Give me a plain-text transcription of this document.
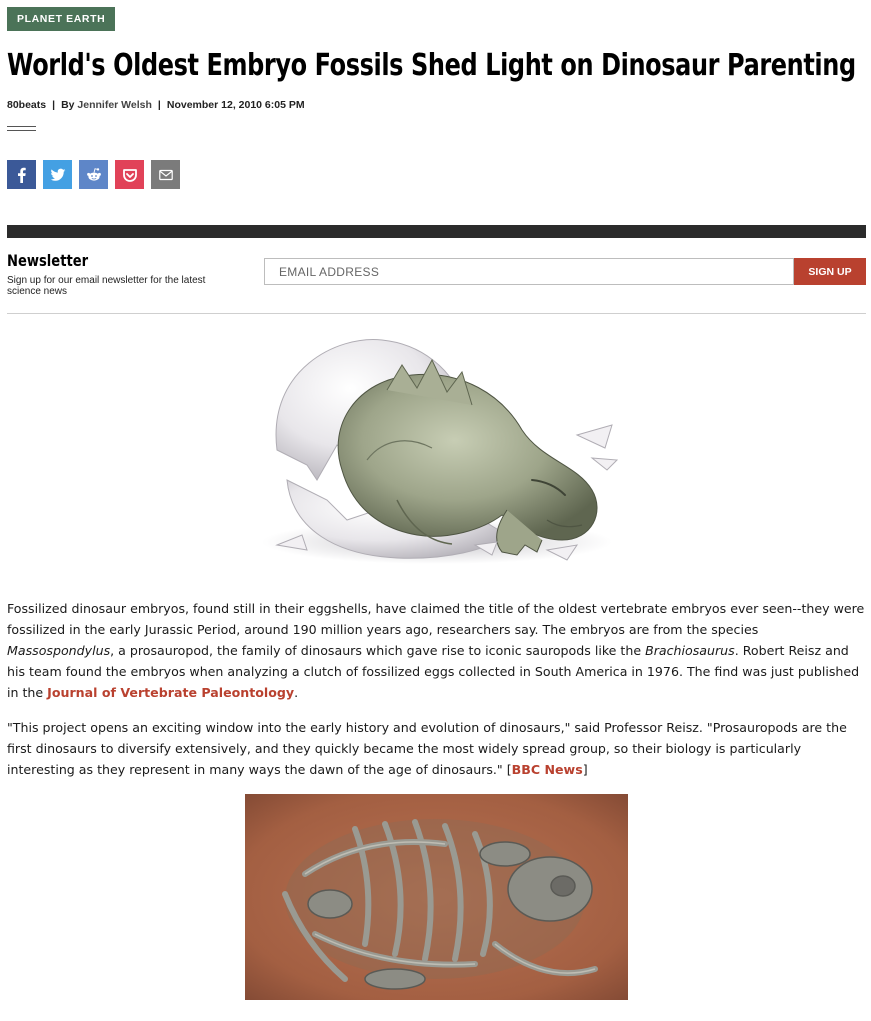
PLANET EARTH
World's Oldest Embryo Fossils Shed Light on Dinosaur Parenting
80beats | By Jennifer Welsh | November 12, 2010 6:05 PM
Newsletter
Sign up for our email newsletter for the latest science news
EMAIL ADDRESS
SIGN UP

Fossilized dinosaur embryos, found still in their eggshells, have claimed the title of the oldest vertebrate embryos ever seen--they were fossilized in the early Jurassic Period, around 190 million years ago, researchers say. The embryos are from the species Massospondylus, a prosauropod, the family of dinosaurs which gave rise to iconic sauropods like the Brachiosaurus. Robert Reisz and his team found the embryos when analyzing a clutch of fossilized eggs collected in South America in 1976. The find was just published in the Journal of Vertebrate Paleontology.

"This project opens an exciting window into the early history and evolution of dinosaurs," said Professor Reisz. "Prosauropods are the first dinosaurs to diversify extensively, and they quickly became the most widely spread group, so their biology is particularly interesting as they represent in many ways the dawn of the age of dinosaurs." [BBC News]
